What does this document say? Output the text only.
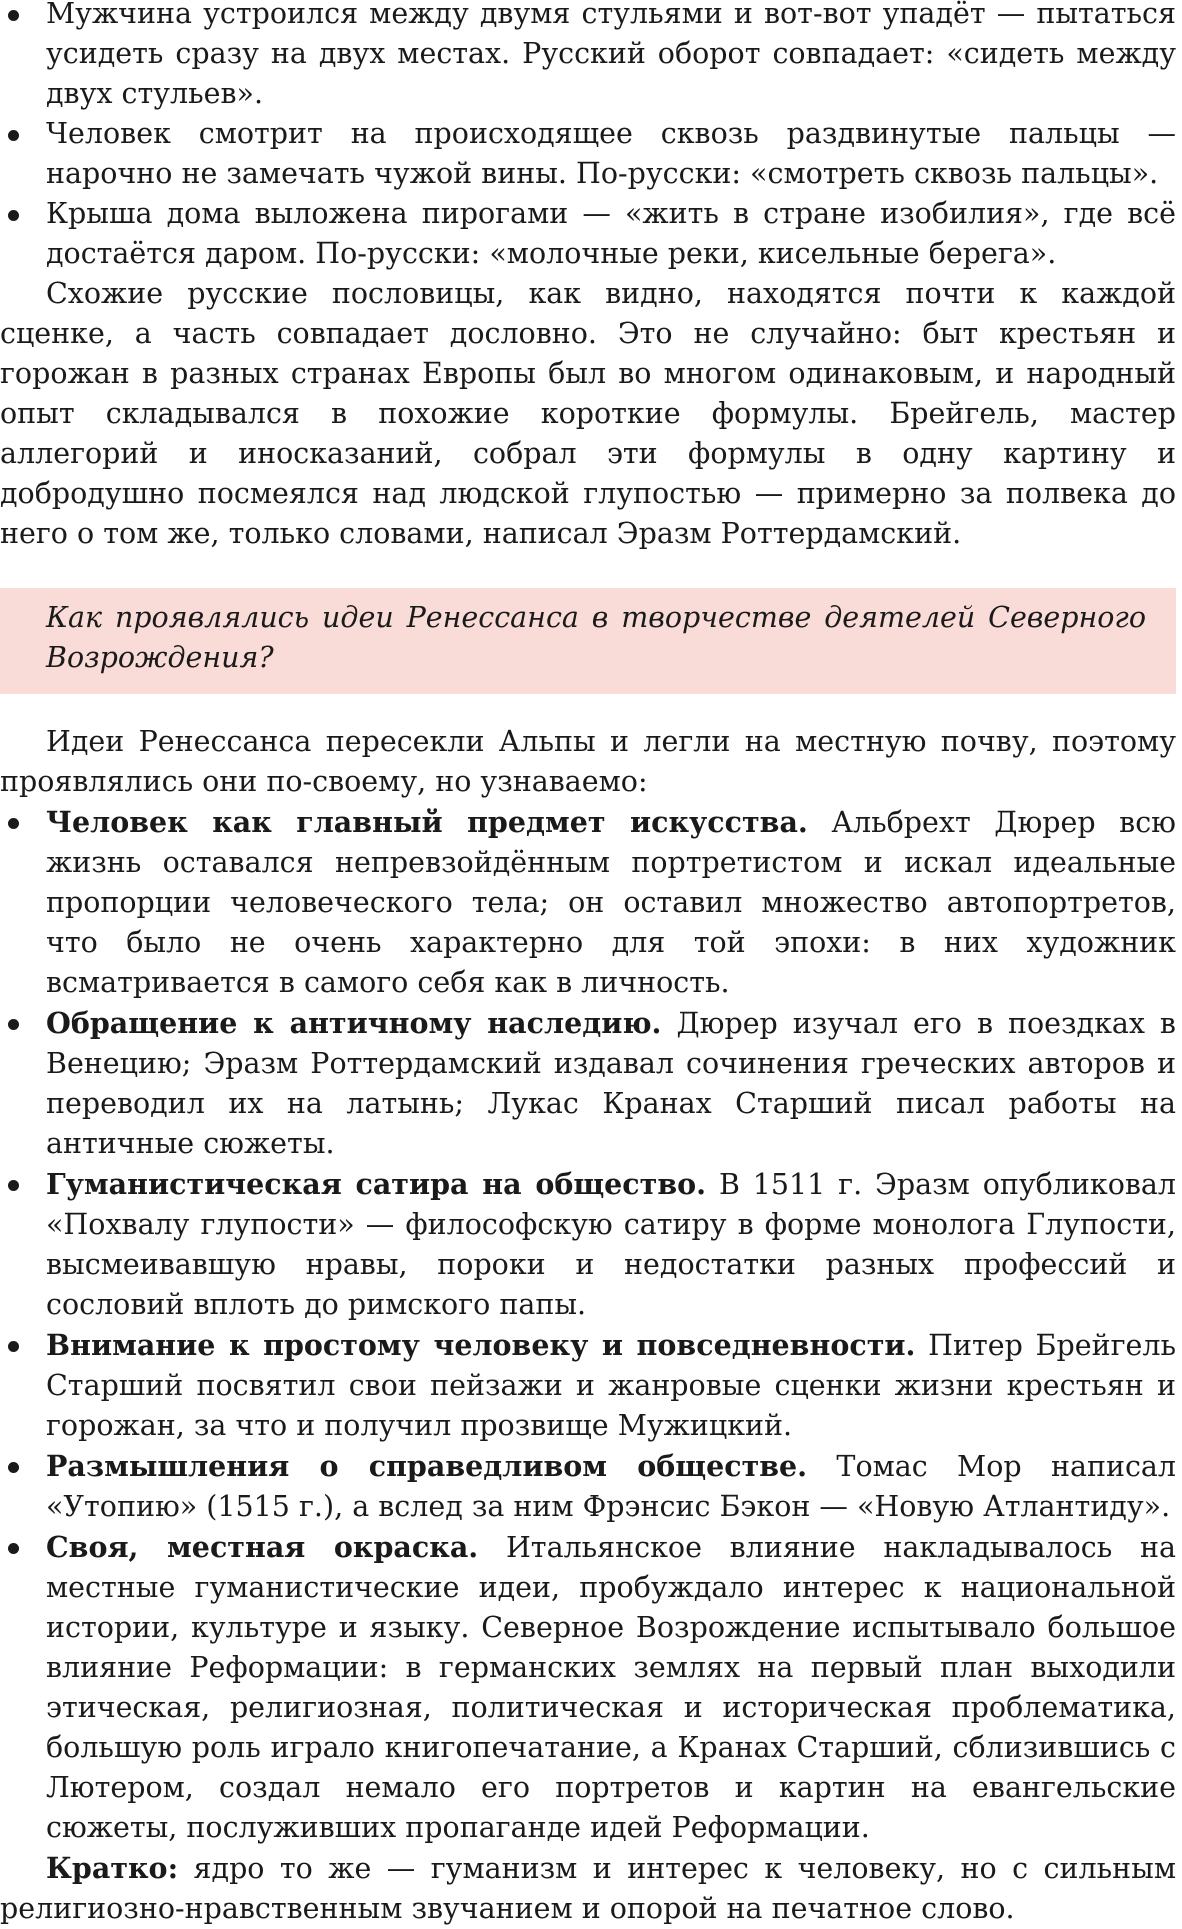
Мужчина устроился между двумя стульями и вот-вот упадёт — пытаться усидеть сразу на двух местах. Русский оборот совпадает: «сидеть между двух стульев».
Человек смотрит на происходящее сквозь раздвинутые пальцы — нарочно не замечать чужой вины. По-русски: «смотреть сквозь пальцы».
Крыша дома выложена пирогами — «жить в стране изобилия», где всё достаётся даром. По-русски: «молочные реки, кисельные берега».

Схожие русские пословицы, как видно, находятся почти к каждой сценке, а часть совпадает дословно. Это не случайно: быт крестьян и горожан в разных странах Европы был во многом одинаковым, и народный опыт складывался в похожие короткие формулы. Брейгель, мастер аллегорий и иносказаний, собрал эти формулы в одну картину и добродушно посмеялся над людской глупостью — примерно за полвека до него о том же, только словами, написал Эразм Роттердамский.

Как проявлялись идеи Ренессанса в творчестве деятелей Северного Возрождения?

Идеи Ренессанса пересекли Альпы и легли на местную почву, поэтому проявлялись они по-своему, но узнаваемо:

Человек как главный предмет искусства. Альбрехт Дюрер всю жизнь оставался непревзойдённым портретистом и искал идеальные пропорции человеческого тела; он оставил множество автопортретов, что было не очень характерно для той эпохи: в них художник всматривается в самого себя как в личность.
Обращение к античному наследию. Дюрер изучал его в поездках в Венецию; Эразм Роттердамский издавал сочинения греческих авторов и переводил их на латынь; Лукас Кранах Старший писал работы на античные сюжеты.
Гуманистическая сатира на общество. В 1511 г. Эразм опубликовал «Похвалу глупости» — философскую сатиру в форме монолога Глупости, высмеивавшую нравы, пороки и недостатки разных профессий и сословий вплоть до римского папы.
Внимание к простому человеку и повседневности. Питер Брейгель Старший посвятил свои пейзажи и жанровые сценки жизни крестьян и горожан, за что и получил прозвище Мужицкий.
Размышления о справедливом обществе. Томас Мор написал «Утопию» (1515 г.), а вслед за ним Фрэнсис Бэкон — «Новую Атлантиду».
Своя, местная окраска. Итальянское влияние накладывалось на местные гуманистические идеи, пробуждало интерес к национальной истории, культуре и языку. Северное Возрождение испытывало большое влияние Реформации: в германских землях на первый план выходили этическая, религиозная, политическая и историческая проблематика, большую роль играло книгопечатание, а Кранах Старший, сблизившись с Лютером, создал немало его портретов и картин на евангельские сюжеты, послуживших пропаганде идей Реформации.

Кратко: ядро то же — гуманизм и интерес к человеку, но с сильным религиозно-нравственным звучанием и опорой на печатное слово.
